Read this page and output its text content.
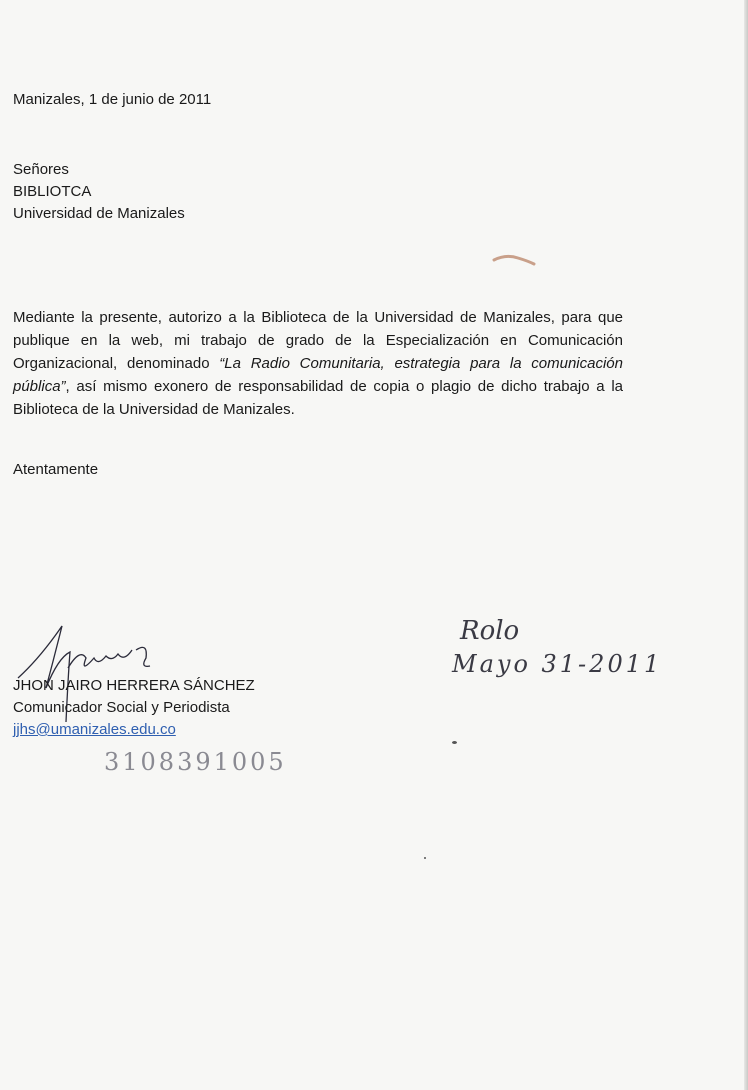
Manizales, 1 de junio de 2011
Señores
BIBLIOTCA
Universidad de Manizales
Mediante la presente, autorizo a la Biblioteca de la Universidad de Manizales, para que publique en la web, mi trabajo de grado de la Especialización en Comunicación Organizacional, denominado “La Radio Comunitaria, estrategia para la comunicación pública”, así mismo exonero de responsabilidad de copia o plagio de dicho trabajo a la Biblioteca de la Universidad de Manizales.
Atentamente
JHON JAIRO HERRERA SÁNCHEZ
Comunicador Social y Periodista
jjhs@umanizales.edu.co
3108391005
Rolo
Mayo 31-2011
